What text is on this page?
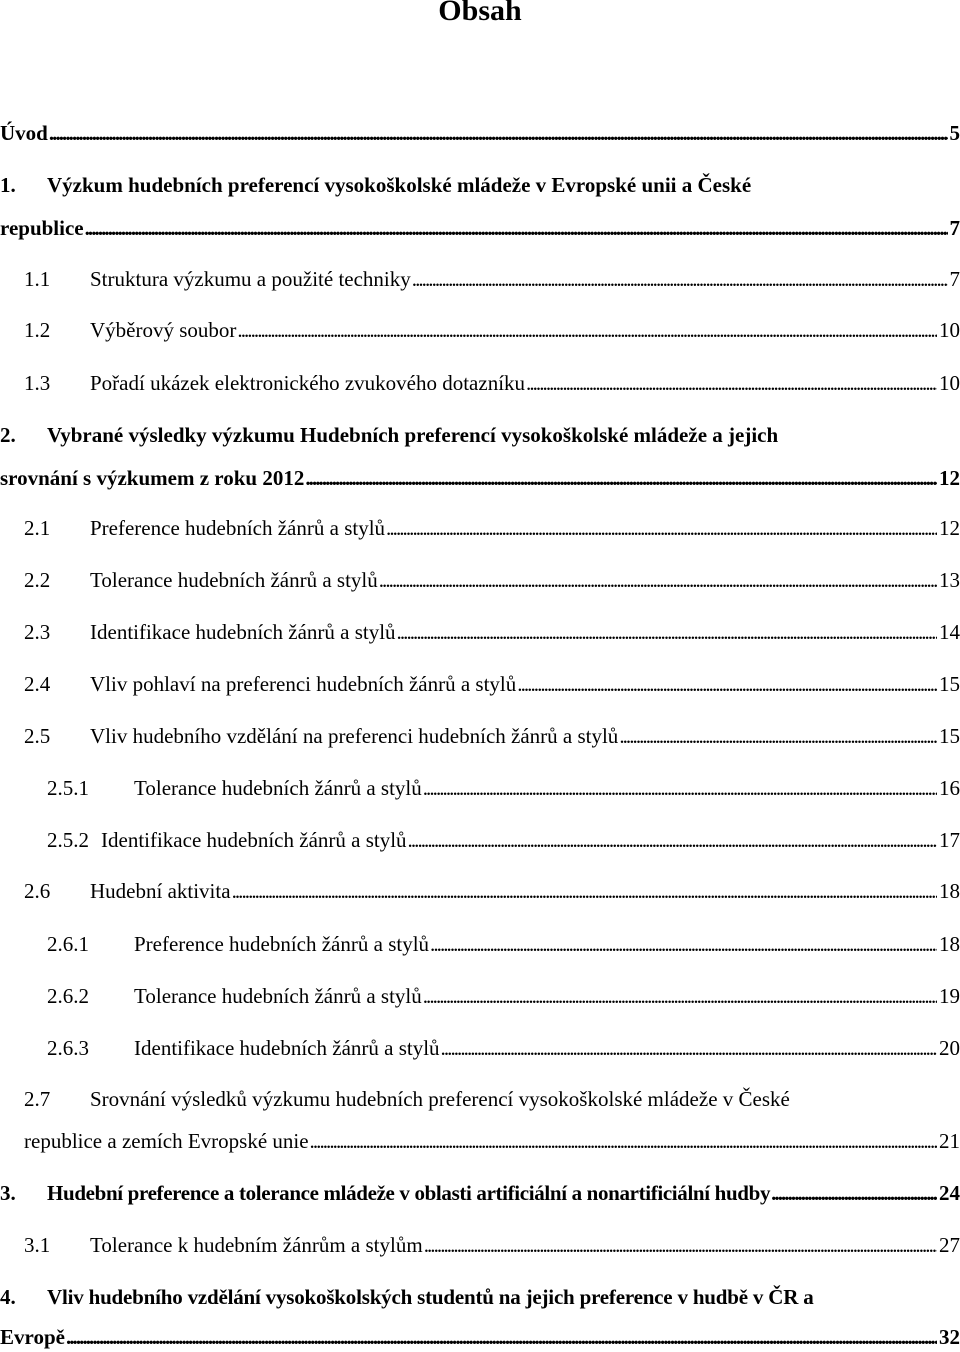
Obsah
Úvod . . .	5
1. Výzkum hudebních preferencí vysokoškolské mládeže v Evropské unii a České
republice . . .	7
1.1	Struktura výzkumu a použité techniky . . .	7
1.2	Výběrový soubor . . .	10
1.3	Pořadí ukázek elektronického zvukového dotazníku . . .	10
2. Vybrané výsledky výzkumu Hudebních preferencí vysokoškolské mládeže a jejich
srovnání s výzkumem z roku 2012 . . .	12
2.1	Preference hudebních žánrů a stylů . . .	12
2.2	Tolerance hudebních žánrů a stylů . . .	13
2.3	Identifikace hudebních žánrů a stylů . . .	14
2.4	Vliv pohlaví na preferenci hudebních žánrů a stylů . . .	15
2.5	Vliv hudebního vzdělání na preferenci hudebních žánrů a stylů . . .	15
2.5.1	Tolerance hudebních žánrů a stylů . . .	16
2.5.2 Identifikace hudebních žánrů a stylů . . .	17
2.6	Hudební aktivita . . .	18
2.6.1	Preference hudebních žánrů a stylů . . .	18
2.6.2	Tolerance hudebních žánrů a stylů . . .	19
2.6.3	Identifikace hudebních žánrů a stylů . . .	20
2.7 Srovnání výsledků výzkumu hudebních preferencí vysokoškolské mládeže v České
republice a zemích Evropské unie . . .	21
3.	Hudební preference a tolerance mládeže v oblasti artificiální a nonartificiální hudby . . .	24
3.1	Tolerance k hudebním žánrům a stylům . . .	27
4. Vliv hudebního vzdělání vysokoškolských studentů na jejich preference v hudbě v ČR a
Evropě . . .	32
